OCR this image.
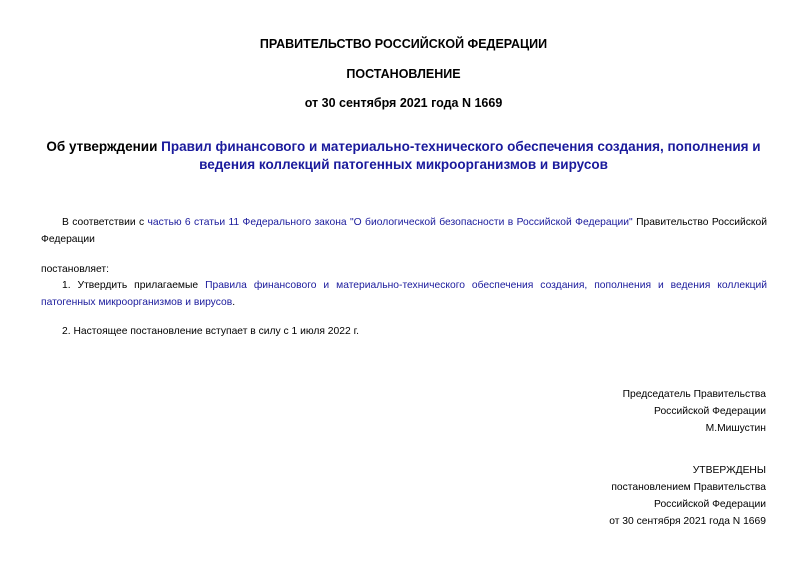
ПРАВИТЕЛЬСТВО РОССИЙСКОЙ ФЕДЕРАЦИИ
ПОСТАНОВЛЕНИЕ
от 30 сентября 2021 года N 1669
Об утверждении Правил финансового и материально-технического обеспечения создания, пополнения и ведения коллекций патогенных микроорганизмов и вирусов
В соответствии с частью 6 статьи 11 Федерального закона "О биологической безопасности в Российской Федерации" Правительство Российской Федерации
постановляет:
1. Утвердить прилагаемые Правила финансового и материально-технического обеспечения создания, пополнения и ведения коллекций патогенных микроорганизмов и вирусов.
2. Настоящее постановление вступает в силу с 1 июля 2022 г.
Председатель Правительства
Российской Федерации
М.Мишустин
УТВЕРЖДЕНЫ
постановлением Правительства
Российской Федерации
от 30 сентября 2021 года N 1669
